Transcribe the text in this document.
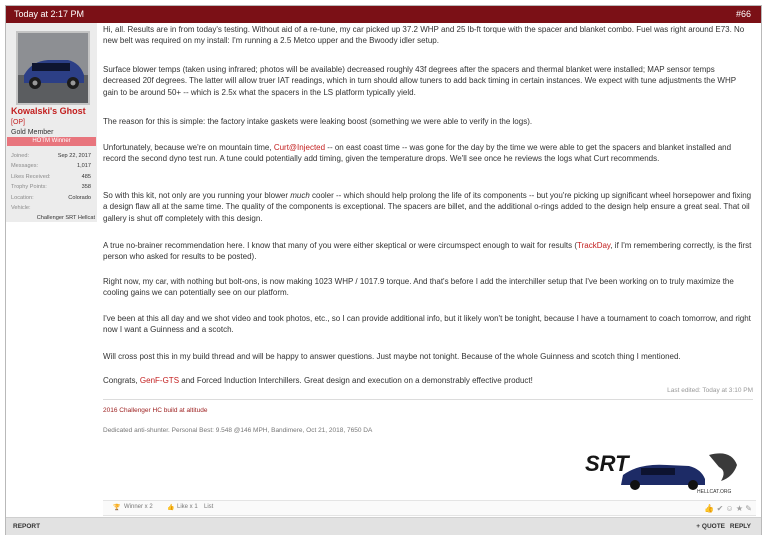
Today at 2:17 PM	#66
Kowalski's Ghost
[OP]
Gold Member
HOTM Winner
Joined:	Sep 22, 2017
Messages:	1,017
Likes Received:	485
Trophy Points:	358
Location:	Colorado
Vehicle:
Challenger SRT Hellcat

Hi, all. Results are in from today's testing. Without aid of a re-tune, my car picked up 37.2 WHP and 25 lb-ft torque with the spacer and blanket combo. Fuel was right around E73. No new belt was required on my install: I'm running a 2.5 Metco upper and the Bwoody idler setup.

Surface blower temps (taken using infrared; photos will be available) decreased roughly 43f degrees after the spacers and thermal blanket were installed; MAP sensor temps decreased 20f degrees. The latter will allow truer IAT readings, which in turn should allow tuners to add back timing in certain instances. We expect with tune adjustments the WHP gain to be around 50+ -- which is 2.5x what the spacers in the LS platform typically yield.

The reason for this is simple: the factory intake gaskets were leaking boost (something we were able to verify in the logs).

Unfortunately, because we're on mountain time, Curt@Injected -- on east coast time -- was gone for the day by the time we were able to get the spacers and blanket installed and record the second dyno test run. A tune could potentially add timing, given the temperature drops. We'll see once he reviews the logs what Curt recommends.

So with this kit, not only are you running your blower much cooler -- which should help prolong the life of its components -- but you're picking up significant wheel horsepower and fixing a design flaw all at the same time. The quality of the components is exceptional. The spacers are billet, and the additional o-rings added to the design help ensure a great seal. That oil gallery is shut off completely with this design.

A true no-brainer recommendation here. I know that many of you were either skeptical or were circumspect enough to wait for results (TrackDay, if I'm remembering correctly, is the first person who asked for results to be posted).

Right now, my car, with nothing but bolt-ons, is now making 1023 WHP / 1017.9 torque. And that's before I add the interchiller setup that I've been working on to truly maximize the cooling gains we can potentially see on our platform.

I've been at this all day and we shot video and took photos, etc., so I can provide additional info, but it likely won't be tonight, because I have a tournament to coach tomorrow, and right now I want a Guinness and a scotch.

Will cross post this in my build thread and will be happy to answer questions. Just maybe not tonight. Because of the whole Guinness and scotch thing I mentioned.

Congrats, GenF-GTS and Forced Induction Interchillers. Great design and execution on a demonstrably effective product!

Last edited: Today at 3:10 PM
2016 Challenger HC build at altitude
Dedicated anti-shunter. Personal Best: 9.548 @146 MPH, Bandimere, Oct 21, 2018, 7650 DA
SRT
HELLCAT.ORG
🏆 Winner x 2 👍 Like x 1 List	👍 ✔ ☺ ★ ✎
REPORT	+ QUOTE REPLY
